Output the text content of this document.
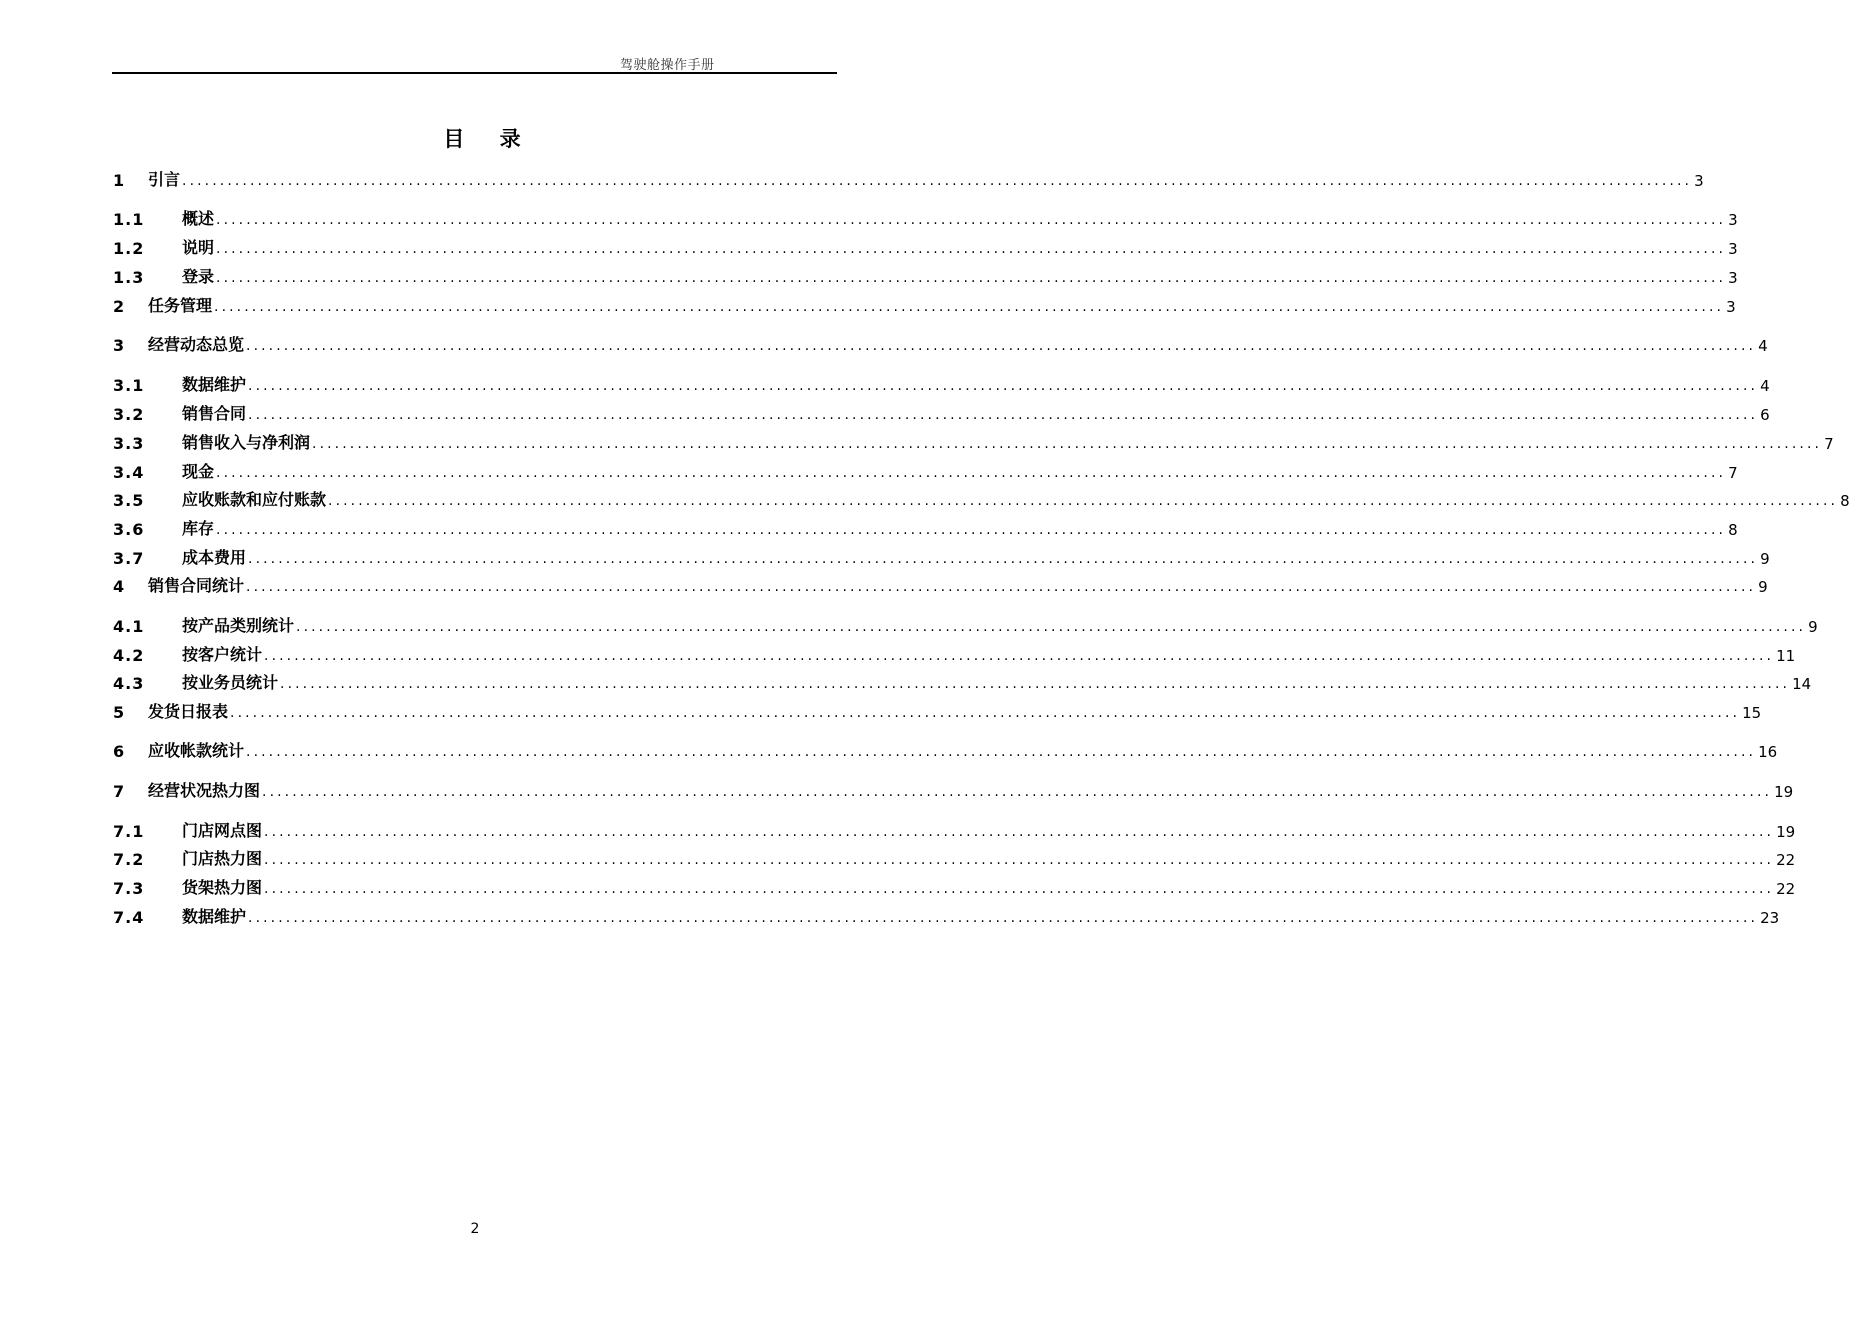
驾驶舱操作手册
目 录
1	引言 ........................................................................................................................................................................................................ 3
1.1	概述 ........................................................................................................................................................................................................ 3
1.2	说明 ........................................................................................................................................................................................................ 3
1.3	登录 ........................................................................................................................................................................................................ 3
2	任务管理 ........................................................................................................................................................................................................ 3
3	经营动态总览 ........................................................................................................................................................................................................ 4
3.1	数据维护 ........................................................................................................................................................................................................ 4
3.2	销售合同 ........................................................................................................................................................................................................ 6
3.3	销售收入与净利润 ........................................................................................................................................................................................................ 7
3.4	现金 ........................................................................................................................................................................................................ 7
3.5	应收账款和应付账款 ........................................................................................................................................................................................................ 8
3.6	库存 ........................................................................................................................................................................................................ 8
3.7	成本费用 ........................................................................................................................................................................................................ 9
4	销售合同统计 ........................................................................................................................................................................................................ 9
4.1	按产品类别统计 ........................................................................................................................................................................................................ 9
4.2	按客户统计 ........................................................................................................................................................................................................ 11
4.3	按业务员统计 ........................................................................................................................................................................................................ 14
5	发货日报表 ........................................................................................................................................................................................................ 15
6	应收帐款统计 ........................................................................................................................................................................................................ 16
7	经营状况热力图 ........................................................................................................................................................................................................ 19
7.1	门店网点图 ........................................................................................................................................................................................................ 19
7.2	门店热力图 ........................................................................................................................................................................................................ 22
7.3	货架热力图 ........................................................................................................................................................................................................ 22
7.4	数据维护 ........................................................................................................................................................................................................ 23
2
